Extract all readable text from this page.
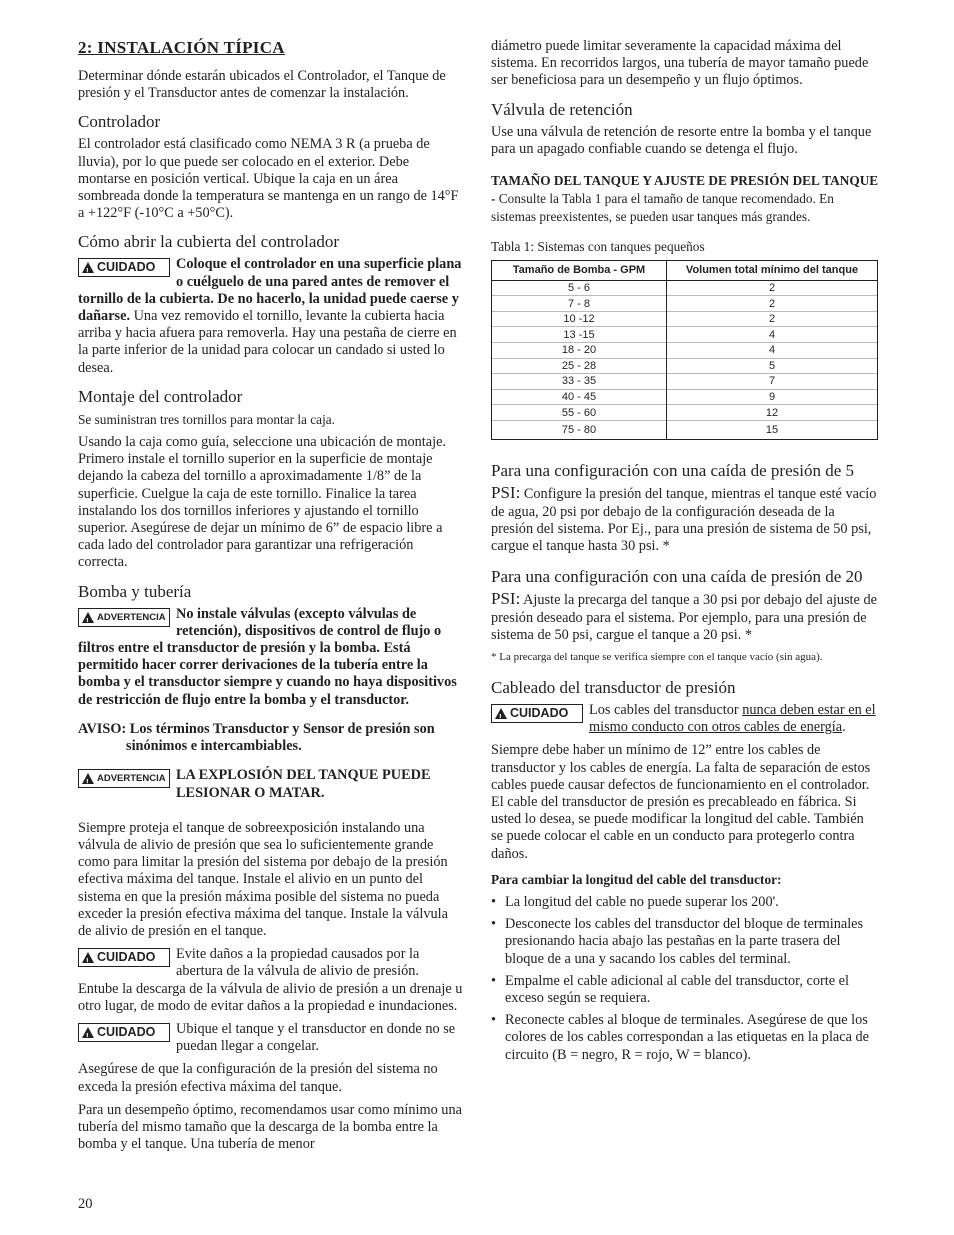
2: INSTALACIÓN TÍPICA

Determinar dónde estarán ubicados el Controlador, el Tanque de presión y el Transductor antes de comenzar la instalación.

Controlador

El controlador está clasificado como NEMA 3 R (a prueba de lluvia), por lo que puede ser colocado en el exterior. Debe montarse en posición vertical. Ubique la caja en un área sombreada donde la temperatura se mantenga en un rango de 14°F a +122°F (-10°C a +50°C).

Cómo abrir la cubierta del controlador

!
CUIDADO Coloque el controlador en una superficie plana o cuélguelo de una pared antes de remover el tornillo de la cubierta. De no hacerlo, la unidad puede caerse y dañarse. Una vez removido el tornillo, levante la cubierta hacia arriba y hacia afuera para removerla. Hay una pestaña de cierre en la parte inferior de la unidad para colocar un candado si usted lo desea.

Montaje del controlador

Se suministran tres tornillos para montar la caja.

Usando la caja como guía, seleccione una ubicación de montaje. Primero instale el tornillo superior en la superficie de montaje dejando la cabeza del tornillo a aproximadamente 1/8” de la superficie. Cuelgue la caja de este tornillo. Finalice la tarea instalando los dos tornillos inferiores y ajustando el tornillo superior. Asegúrese de dejar un mínimo de 6” de espacio libre a cada lado del controlador para garantizar una refrigeración correcta.

Bomba y tubería

!
ADVERTENCIA No instale válvulas (excepto válvulas de retención), dispositivos de control de flujo o filtros entre el transductor de presión y la bomba. Está permitido hacer correr derivaciones de la tubería entre la bomba y el transductor siempre y cuando no haya dispositivos de restricción de flujo entre la bomba y el transductor.

AVISO: Los términos Transductor y Sensor de presión son sinónimos e intercambiables.

!
ADVERTENCIA LA EXPLOSIÓN DEL TANQUE PUEDE LESIONAR O MATAR.

Siempre proteja el tanque de sobreexposición instalando una válvula de alivio de presión que sea lo suficientemente grande como para limitar la presión del sistema por debajo de la presión efectiva máxima del tanque. Instale el alivio en un punto del sistema en que la presión máxima posible del sistema no pueda exceder la presión efectiva máxima del tanque. Instale la válvula de alivio de presión en el tanque.

!
CUIDADO Evite daños a la propiedad causados por la abertura de la válvula de alivio de presión. Entube la descarga de la válvula de alivio de presión a un drenaje u otro lugar, de modo de evitar daños a la propiedad e inundaciones.

!
CUIDADO Ubique el tanque y el transductor en donde no se puedan llegar a congelar.

Asegúrese de que la configuración de la presión del sistema no exceda la presión efectiva máxima del tanque.

Para un desempeño óptimo, recomendamos usar como mínimo una tubería del mismo tamaño que la descarga de la bomba entre la bomba y el tanque. Una tubería de menor

20

diámetro puede limitar severamente la capacidad máxima del sistema. En recorridos largos, una tubería de mayor tamaño puede ser beneficiosa para un desempeño y un flujo óptimos.

Válvula de retención

Use una válvula de retención de resorte entre la bomba y el tanque para un apagado confiable cuando se detenga el flujo.

TAMAÑO DEL TANQUE Y AJUSTE DE PRESIÓN DEL TANQUE - Consulte la Tabla 1 para el tamaño de tanque recomendado. En sistemas preexistentes, se pueden usar tanques más grandes.

Tabla 1: Sistemas con tanques pequeños
Tamaño de Bomba - GPM	Volumen total mínimo del tanque
5 - 6	2
7 - 8	2
10 -12	2
13 -15	4
18 - 20	4
25 - 28	5
33 - 35	7
40 - 45	9
55 - 60	12
75 - 80	15

Para una configuración con una caída de presión de 5 PSI: Configure la presión del tanque, mientras el tanque esté vacío de agua, 20 psi por debajo de la configuración deseada de la presión del sistema. Por Ej., para una presión de sistema de 50 psi, cargue el tanque hasta 30 psi. *

Para una configuración con una caída de presión de 20 PSI: Ajuste la precarga del tanque a 30 psi por debajo del ajuste de presión deseado para el sistema. Por ejemplo, para una presión de sistema de 50 psi, cargue el tanque a 20 psi. *

* La precarga del tanque se verifica siempre con el tanque vacío (sin agua).

Cableado del transductor de presión

!
CUIDADO Los cables del transductor nunca deben estar en el mismo conducto con otros cables de energía.

Siempre debe haber un mínimo de 12” entre los cables de transductor y los cables de energía. La falta de separación de estos cables puede causar defectos de funcionamiento en el controlador. El cable del transductor de presión es precableado en fábrica. Si usted lo desea, se puede modificar la longitud del cable. También se puede colocar el cable en un conducto para protegerlo contra daños.

Para cambiar la longitud del cable del transductor:

• La longitud del cable no puede superar los 200'.

• Desconecte los cables del transductor del bloque de terminales presionando hacia abajo las pestañas en la parte trasera del bloque de a una y sacando los cables del terminal.

• Empalme el cable adicional al cable del transductor, corte el exceso según se requiera.

• Reconecte cables al bloque de terminales. Asegúrese de que los colores de los cables correspondan a las etiquetas en la placa de circuito (B = negro, R = rojo, W = blanco).
